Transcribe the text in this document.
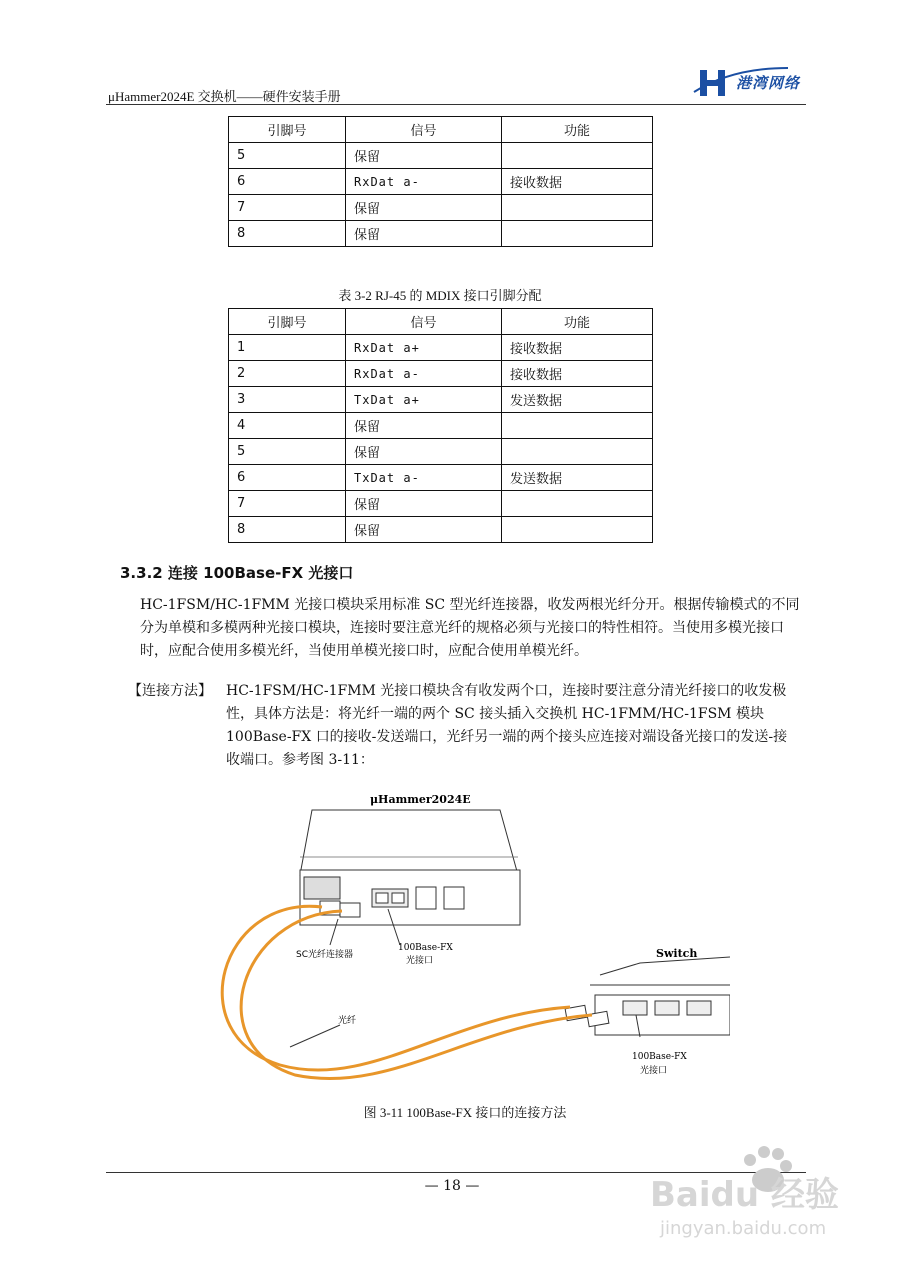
μHammer2024E 交换机——硬件安装手册
港湾网络
引脚号	信号	功能
5	保留	
6	RxDat a-	接收数据
7	保留	
8	保留	
表 3-2 RJ-45 的 MDIX 接口引脚分配
引脚号	信号	功能
1	RxDat a+	接收数据
2	RxDat a-	接收数据
3	TxDat a+	发送数据
4	保留	
5	保留	
6	TxDat a-	发送数据
7	保留	
8	保留	
3.3.2 连接 100Base-FX 光接口
HC-1FSM/HC-1FMM 光接口模块采用标准 SC 型光纤连接器，收发两根光纤分开。根据传输模式的不同分为单模和多模两种光接口模块，连接时要注意光纤的规格必须与光接口的特性相符。当使用多模光接口时，应配合使用多模光纤，当使用单模光接口时，应配合使用单模光纤。
【连接方法】 HC-1FSM/HC-1FMM 光接口模块含有收发两个口，连接时要注意分清光纤接口的收发极性，具体方法是：将光纤一端的两个 SC 接头插入交换机 HC-1FMM/HC-1FSM 模块 100Base-FX 口的接收-发送端口，光纤另一端的两个接头应连接对端设备光接口的发送-接收端口。参考图 3-11：
μHammer2024E
SC光纤连接器
100Base-FX
光接口
Switch
100Base-FX
光接口
光纤
图 3-11 100Base-FX 接口的连接方法
— 18 —	Baidu 经验
jingyan.baidu.com
